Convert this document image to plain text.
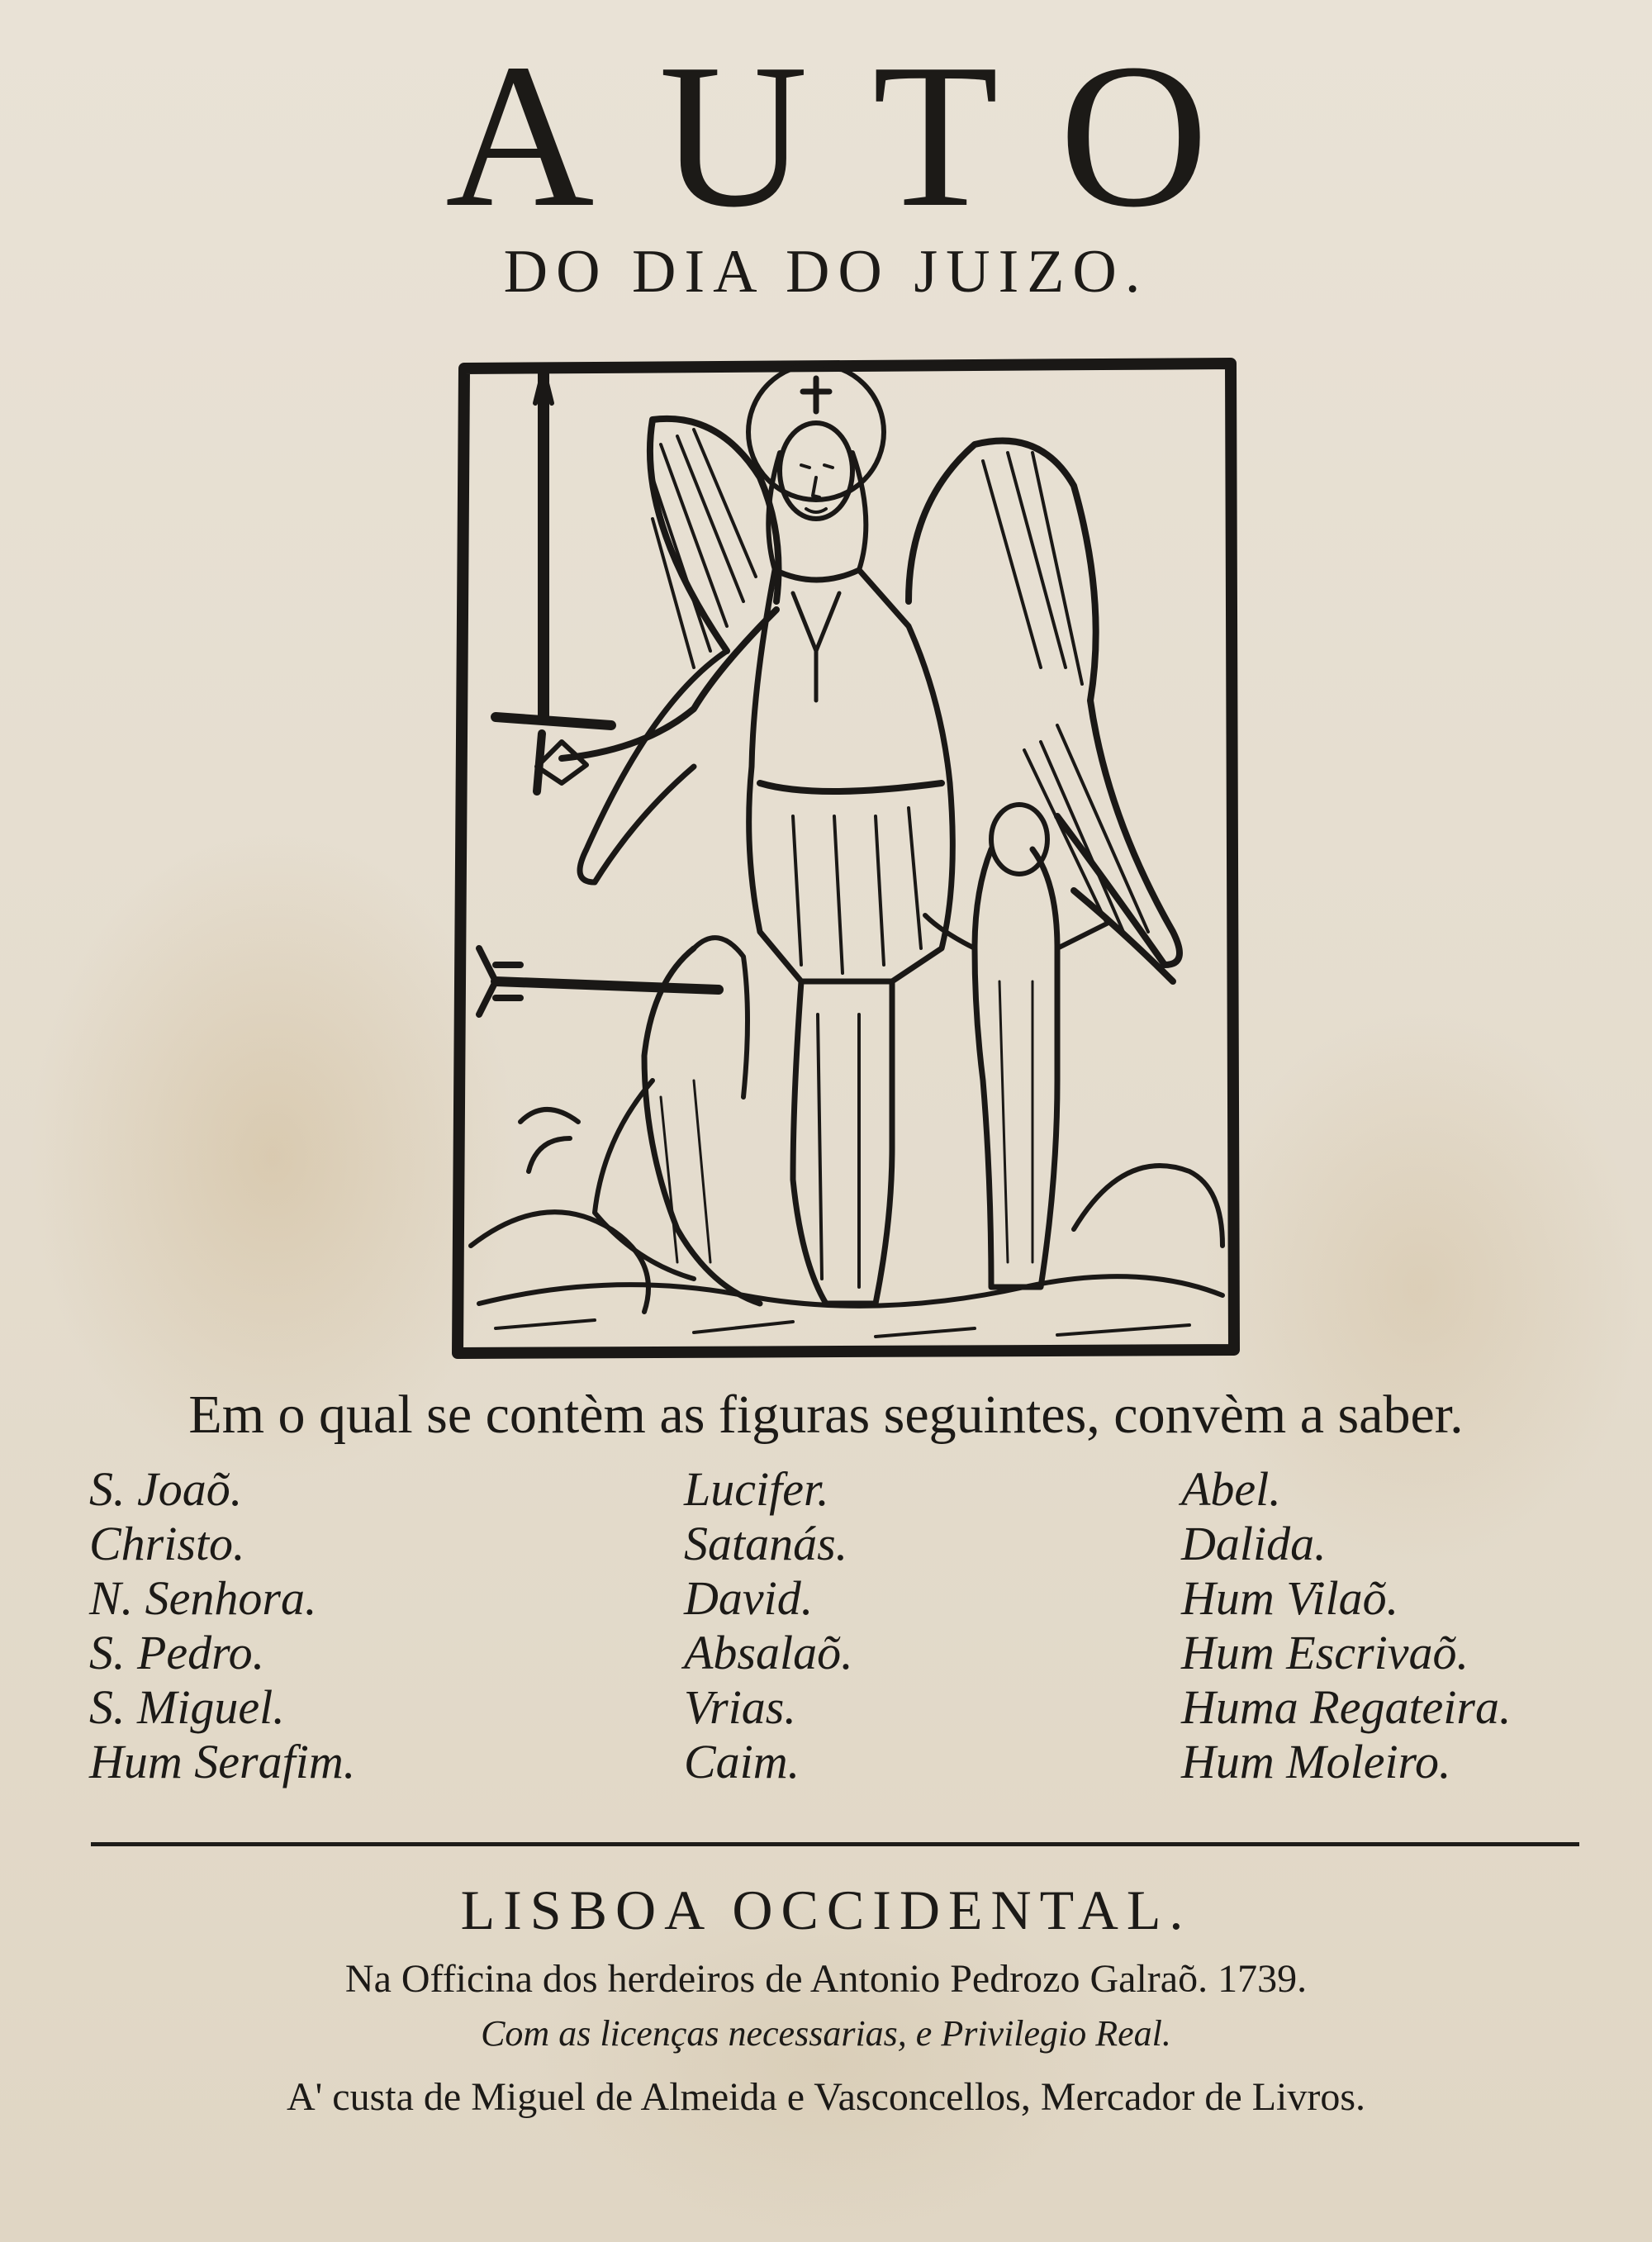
AUTO
DO DIA DO JUIZO.
Em o qual se contèm as figuras seguintes, convèm a saber.
S. Joaõ.
Christo.
N. Senhora.
S. Pedro.
S. Miguel.
Hum Serafim.
Lucifer.
Satanás.
David.
Absalaõ.
Vrias.
Caim.
Abel.
Dalida.
Hum Vilaõ.
Hum Escrivaõ.
Huma Regateira.
Hum Moleiro.
LISBOA OCCIDENTAL.
Na Officina dos herdeiros de Antonio Pedrozo Galraõ. 1739.
Com as licenças necessarias, e Privilegio Real.
A' custa de Miguel de Almeida e Vasconcellos, Mercador de Livros.
